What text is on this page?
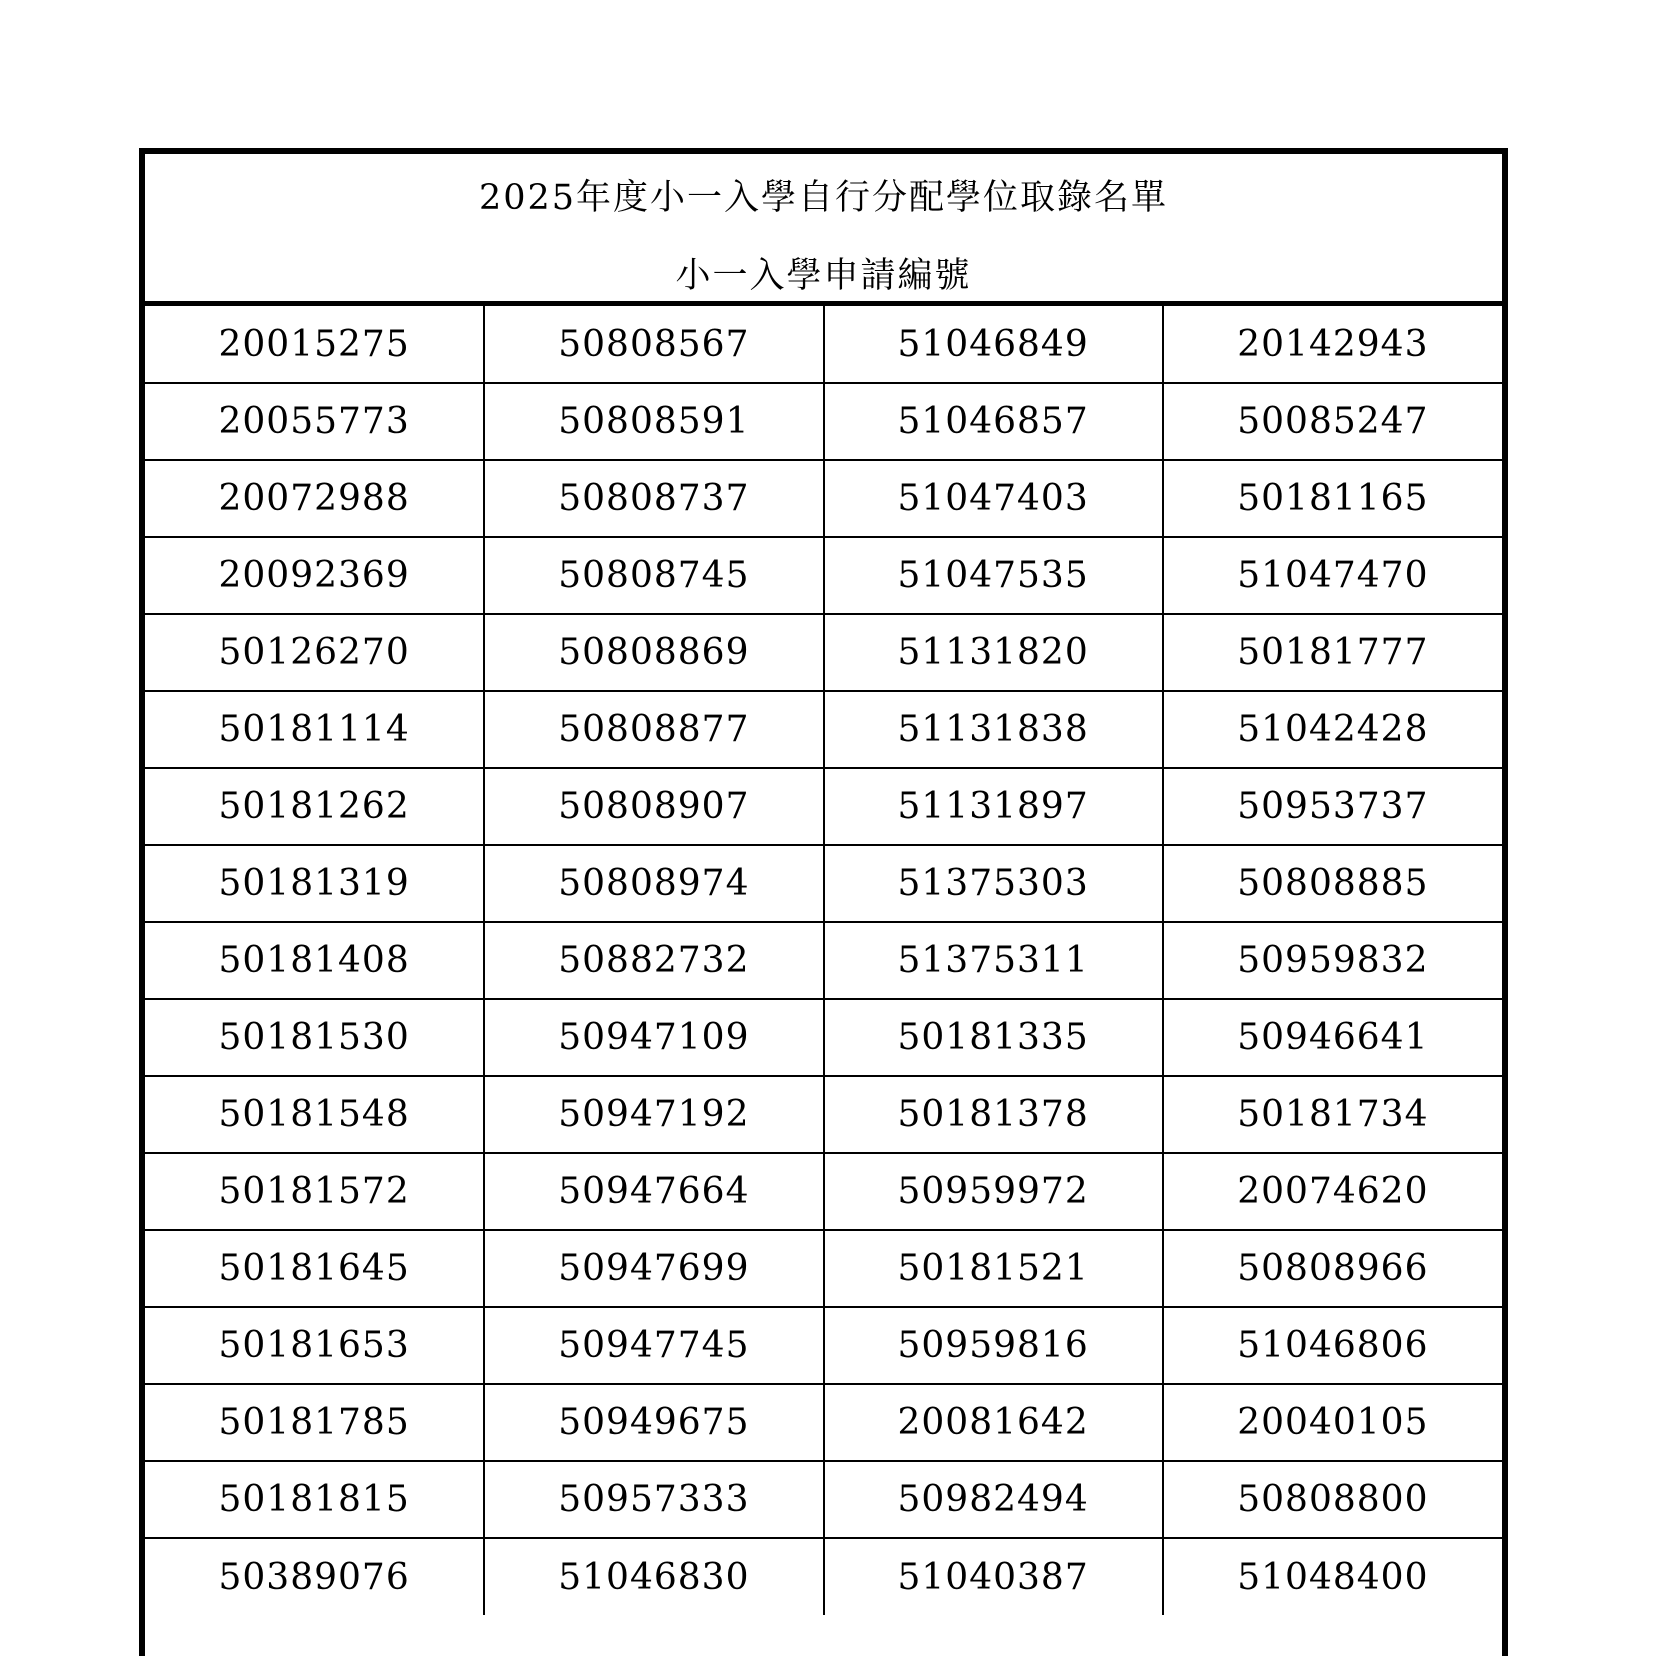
2025年度小一入學自行分配學位取錄名單
小一入學申請編號
20015275	50808567	51046849	20142943
20055773	50808591	51046857	50085247
20072988	50808737	51047403	50181165
20092369	50808745	51047535	51047470
50126270	50808869	51131820	50181777
50181114	50808877	51131838	51042428
50181262	50808907	51131897	50953737
50181319	50808974	51375303	50808885
50181408	50882732	51375311	50959832
50181530	50947109	50181335	50946641
50181548	50947192	50181378	50181734
50181572	50947664	50959972	20074620
50181645	50947699	50181521	50808966
50181653	50947745	50959816	51046806
50181785	50949675	20081642	20040105
50181815	50957333	50982494	50808800
50389076	51046830	51040387	51048400
